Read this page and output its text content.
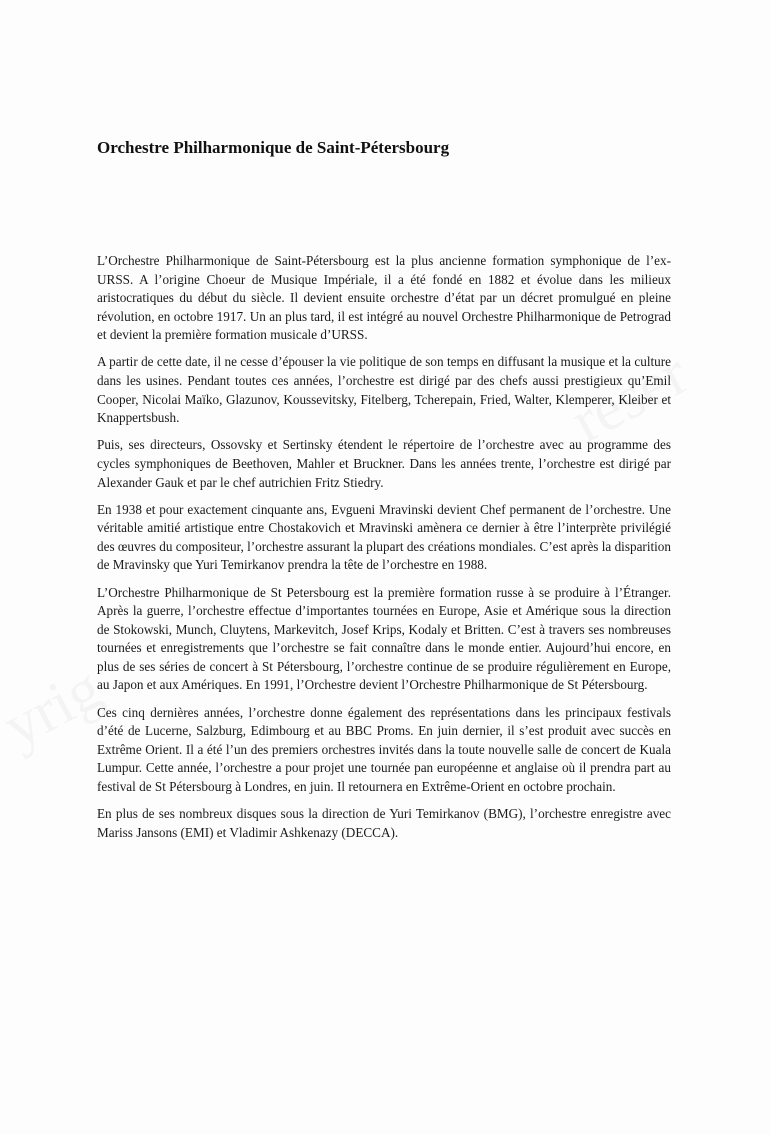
Orchestre Philharmonique de Saint-Pétersbourg

L’Orchestre Philharmonique de Saint-Pétersbourg est la plus ancienne formation symphonique de l’ex-URSS. A l’origine Choeur de Musique Impériale, il a été fondé en 1882 et évolue dans les milieux aristocratiques du début du siècle. Il devient ensuite orchestre d’état par un décret promulgué en pleine révolution, en octobre 1917. Un an plus tard, il est intégré au nouvel Orchestre Philharmonique de Petrograd et devient la première formation musicale d’URSS.

A partir de cette date, il ne cesse d’épouser la vie politique de son temps en diffusant la musique et la culture dans les usines. Pendant toutes ces années, l’orchestre est dirigé par des chefs aussi prestigieux qu’Emil Cooper, Nicolai Maïko, Glazunov, Koussevitsky, Fitelberg, Tcherepain, Fried, Walter, Klemperer, Kleiber et Knappertsbush.

Puis, ses directeurs, Ossovsky et Sertinsky étendent le répertoire de l’orchestre avec au programme des cycles symphoniques de Beethoven, Mahler et Bruckner. Dans les années trente, l’orchestre est dirigé par Alexander Gauk et par le chef autrichien Fritz Stiedry.

En 1938 et pour exactement cinquante ans, Evgueni Mravinski devient Chef permanent de l’orchestre. Une véritable amitié artistique entre Chostakovich et Mravinski amènera ce dernier à être l’interprète privilégié des œuvres du compositeur, l’orchestre assurant la plupart des créations mondiales. C’est après la disparition de Mravinsky que Yuri Temirkanov prendra la tête de l’orchestre en 1988.

L’Orchestre Philharmonique de St Petersbourg est la première formation russe à se produire à l’Étranger. Après la guerre, l’orchestre effectue d’importantes tournées en Europe, Asie et Amérique sous la direction de Stokowski, Munch, Cluytens, Markevitch, Josef Krips, Kodaly et Britten. C’est à travers ses nombreuses tournées et enregistrements que l’orchestre se fait connaître dans le monde entier. Aujourd’hui encore, en plus de ses séries de concert à St Pétersbourg, l’orchestre continue de se produire régulièrement en Europe, au Japon et aux Amériques. En 1991, l’Orchestre devient l’Orchestre Philharmonique de St Pétersbourg.

Ces cinq dernières années, l’orchestre donne également des représentations dans les principaux festivals d’été de Lucerne, Salzburg, Edimbourg et au BBC Proms. En juin dernier, il s’est produit avec succès en Extrême Orient. Il a été l’un des premiers orchestres invités dans la toute nouvelle salle de concert de Kuala Lumpur. Cette année, l’orchestre a pour projet une tournée pan européenne et anglaise où il prendra part au festival de St Pétersbourg à Londres, en juin. Il retournera en Extrême-Orient en octobre prochain.

En plus de ses nombreux disques sous la direction de Yuri Temirkanov (BMG), l’orchestre enregistre avec Mariss Jansons (EMI) et Vladimir Ashkenazy (DECCA).
